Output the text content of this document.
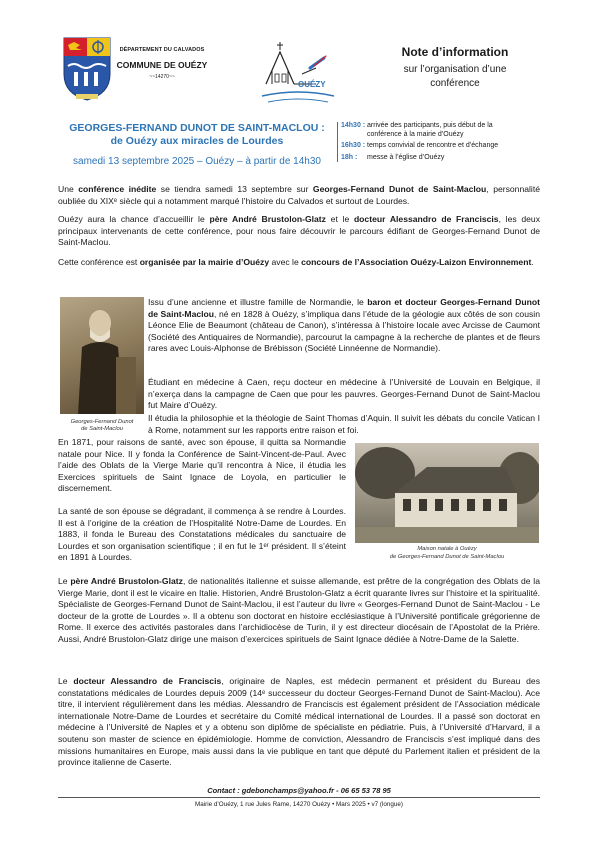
DÉPARTEMENT DU CALVADOS
COMMUNE DE OUÉZY
~~14270~~
OUÉZY
Note d’information
sur l’organisation d’une
conférence
GEORGES-FERNAND DUNOT DE SAINT-MACLOU :
de Ouézy aux miracles de Lourdes
samedi 13 septembre 2025 – Ouézy – à partir de 14h30
14h30 : arrivée des participants, puis début de la
conférence à la mairie d’Ouézy
16h30 : temps convivial de rencontre et d’échange
18h :	messe à l’église d’Ouézy

Une conférence inédite se tiendra samedi 13 septembre sur Georges-Fernand Dunot de Saint-Maclou, personnalité oubliée du XIXᵉ siècle qui a notamment marqué l’histoire du Calvados et surtout de Lourdes.

Ouézy aura la chance d’accueillir le père André Brustolon-Glatz et le docteur Alessandro de Franciscis, les deux principaux intervenants de cette conférence, pour nous faire découvrir le parcours édifiant de Georges-Fernand Dunot de Saint-Maclou.

Cette conférence est organisée par la mairie d’Ouézy avec le concours de l’Association Ouézy-Laizon Environnement.

Georges-Fernand Dunot
de Saint-Maclou

Issu d’une ancienne et illustre famille de Normandie, le baron et docteur Georges-Fernand Dunot de Saint-Maclou, né en 1828 à Ouézy, s’impliqua dans l’étude de la géologie aux côtés de son cousin Léonce Elie de Beaumont (château de Canon), s’intéressa à l’histoire locale avec Arcisse de Caumont (Société des Antiquaires de Normandie), parcourut la campagne à la recherche de plantes et de fleurs rares avec Louis-Alphonse de Brébisson (Société Linnéenne de Normandie).

Étudiant en médecine à Caen, reçu docteur en médecine à l’Université de Louvain en Belgique, il n’exerça dans la campagne de Caen que pour les pauvres. Georges-Fernand Dunot de Saint-Maclou fut Maire d’Ouézy.

Il étudia la philosophie et la théologie de Saint Thomas d’Aquin. Il suivit les débats du concile Vatican I à Rome, notamment sur les rapports entre raison et foi.

Maison natale à Ouézy
de Georges-Fernand Dunot de Saint-Maclou

En 1871, pour raisons de santé, avec son épouse, il quitta sa Normandie natale pour Nice. Il y fonda la Conférence de Saint-Vincent-de-Paul. Avec l’aide des Oblats de la Vierge Marie qu’il rencontra à Nice, il étudia les Exercices spirituels de Saint Ignace de Loyola, en particulier le discernement.

La santé de son épouse se dégradant, il commença à se rendre à Lourdes. Il est à l’origine de la création de l’Hospitalité Notre-Dame de Lourdes. En 1883, il fonda le Bureau des Constatations médicales du sanctuaire de Lourdes et son organisation scientifique ; il en fut le 1ᵉʳ président. Il s’éteint en 1891 à Lourdes.

Le père André Brustolon-Glatz, de nationalités italienne et suisse allemande, est prêtre de la congrégation des Oblats de la Vierge Marie, dont il est le vicaire en Italie. Historien, André Brustolon-Glatz a écrit quarante livres sur l’histoire et la spiritualité. Spécialiste de Georges-Fernand Dunot de Saint-Maclou, il est l’auteur du livre « Georges-Fernand Dunot de Saint-Maclou - Le docteur de la grotte de Lourdes ». Il a obtenu son doctorat en histoire ecclésiastique à l’Université pontificale grégorienne de Rome. Il exerce des activités pastorales dans l’archidiocèse de Turin, il y est directeur diocésain de l’Apostolat de la Prière. Aussi, André Brustolon-Glatz dirige une maison d’exercices spirituels de Saint Ignace dédiée à Notre-Dame de la Salette.

Le docteur Alessandro de Franciscis, originaire de Naples, est médecin permanent et président du Bureau des constatations médicales de Lourdes depuis 2009 (14ᵉ successeur du docteur Georges-Fernand Dunot de Saint-Maclou). Ace titre, il intervient régulièrement dans les médias. Alessandro de Franciscis est également président de l’Association médicale internationale Notre-Dame de Lourdes et secrétaire du Comité médical international de Lourdes. Il a passé son doctorat en médecine à l’Université de Naples et y a obtenu son diplôme de spécialiste en pédiatrie. Puis, à l’Université d’Harvard, il a soutenu son master de science en épidémiologie. Homme de conviction, Alessandro de Franciscis s’est impliqué dans des missions humanitaires en Europe, mais aussi dans la vie publique en tant que député du Parlement italien et président de la province italienne de Caserte.

Contact : gdebonchamps@yahoo.fr - 06 65 53 78 95
Mairie d’Ouézy, 1 rue Jules Rame, 14270 Ouézy • Mars 2025 • v7 (longue)
